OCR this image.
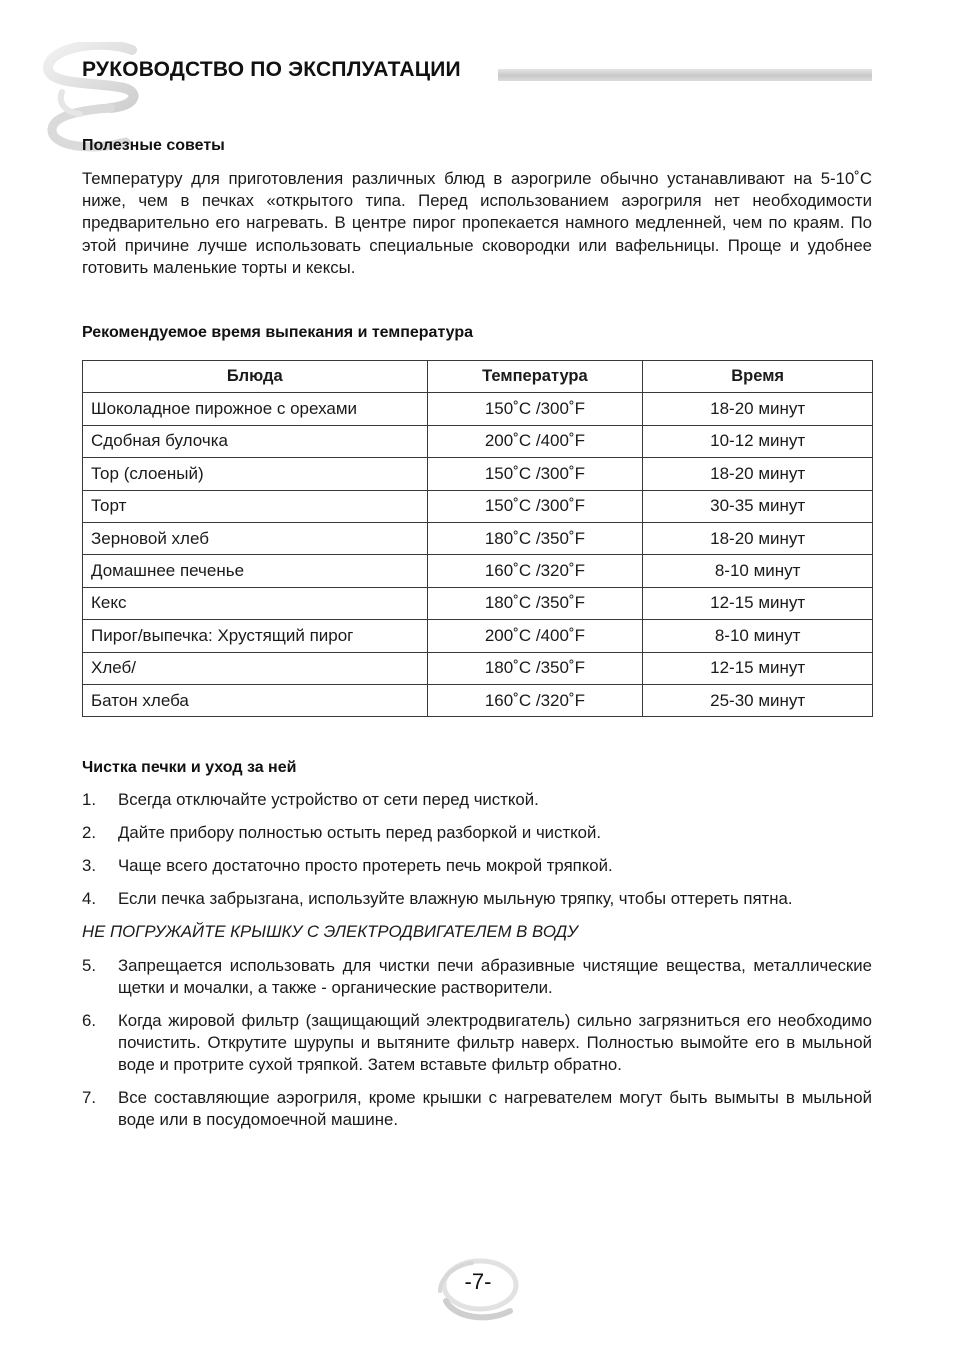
РУКОВОДСТВО ПО ЭКСПЛУАТАЦИИ
Полезные советы
Температуру для приготовления различных блюд в аэрогриле обычно устанавливают на 5-10˚С ниже, чем в печках «открытого типа. Перед использованием аэрогриля нет необходимости предварительно его нагревать. В центре пирог пропекается намного медленней, чем по краям. По этой причине лучше использовать специальные сковородки или вафельницы. Проще и удобнее готовить маленькие торты и кексы.
Рекомендуемое время выпекания и температура
Блюда	Температура	Время
Шоколадное пирожное с орехами	150˚С /300˚F	18-20 минут
Сдобная булочка	200˚С /400˚F	10-12 минут
Тор (слоеный)	150˚С /300˚F	18-20 минут
Торт	150˚С /300˚F	30-35 минут
Зерновой хлеб	180˚С /350˚F	18-20 минут
Домашнее печенье	160˚С /320˚F	8-10 минут
Кекс	180˚С /350˚F	12-15 минут
Пирог/выпечка: Хрустящий пирог	200˚С /400˚F	8-10 минут
Хлеб/	180˚С /350˚F	12-15 минут
Батон хлеба	160˚С /320˚F	25-30 минут
Чистка печки и уход за ней
1. Всегда отключайте устройство от сети перед чисткой.
2. Дайте прибору полностью остыть перед разборкой и чисткой.
3. Чаще всего достаточно просто протереть печь мокрой тряпкой.
4. Если печка забрызгана, используйте влажную мыльную тряпку, чтобы оттереть пятна.
НЕ ПОГРУЖАЙТЕ КРЫШКУ С ЭЛЕКТРОДВИГАТЕЛЕМ В ВОДУ
5. Запрещается использовать для чистки печи абразивные чистящие вещества, металлические щетки и мочалки, а также - органические растворители.
6. Когда жировой фильтр (защищающий электродвигатель) сильно загрязниться его необходимо почистить. Открутите шурупы и вытяните фильтр наверх. Полностью вымойте его в мыльной воде и протрите сухой тряпкой. Затем вставьте фильтр обратно.
7. Все составляющие аэрогриля, кроме крышки с нагревателем могут быть вымыты в мыльной воде или в посудомоечной машине.
-7-
